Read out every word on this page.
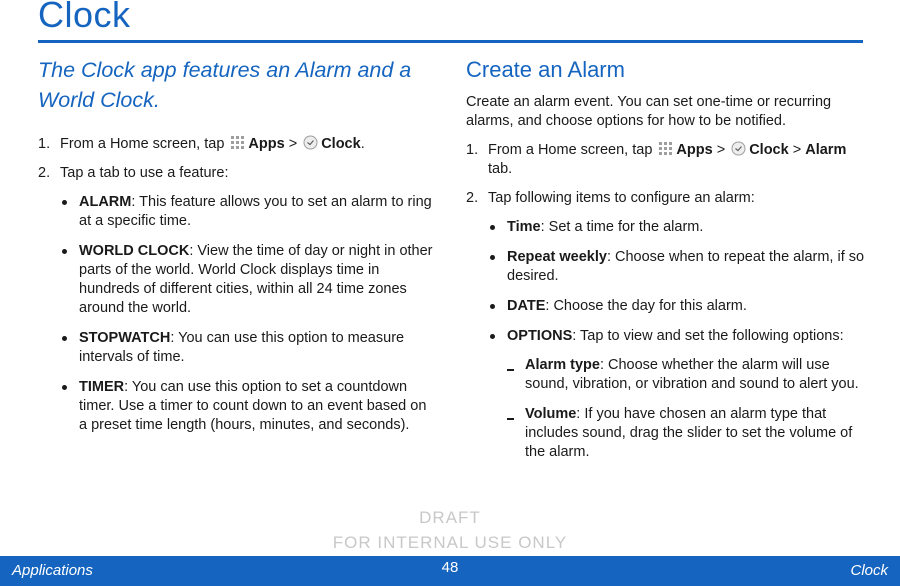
Clock

The Clock app features an Alarm and a World Clock.

1. From a Home screen, tap Apps > Clock.
2. Tap a tab to use a feature:
ALARM: This feature allows you to set an alarm to ring at a specific time.
WORLD CLOCK: View the time of day or night in other parts of the world. World Clock displays time in hundreds of different cities, within all 24 time zones around the world.
STOPWATCH: You can use this option to measure intervals of time.
TIMER: You can use this option to set a countdown timer. Use a timer to count down to an event based on a preset time length (hours, minutes, and seconds).
Create an Alarm

Create an alarm event. You can set one-time or recurring alarms, and choose options for how to be notified.

1. From a Home screen, tap Apps > Clock > Alarm tab.
2. Tap following items to configure an alarm:
Time: Set a time for the alarm.
Repeat weekly: Choose when to repeat the alarm, if so desired.
DATE: Choose the day for this alarm.
OPTIONS: Tap to view and set the following options:
Alarm type: Choose whether the alarm will use sound, vibration, or vibration and sound to alert you.
Volume: If you have chosen an alarm type that includes sound, drag the slider to set the volume of the alarm.
DRAFT
FOR INTERNAL USE ONLY
Applications	48	Clock
